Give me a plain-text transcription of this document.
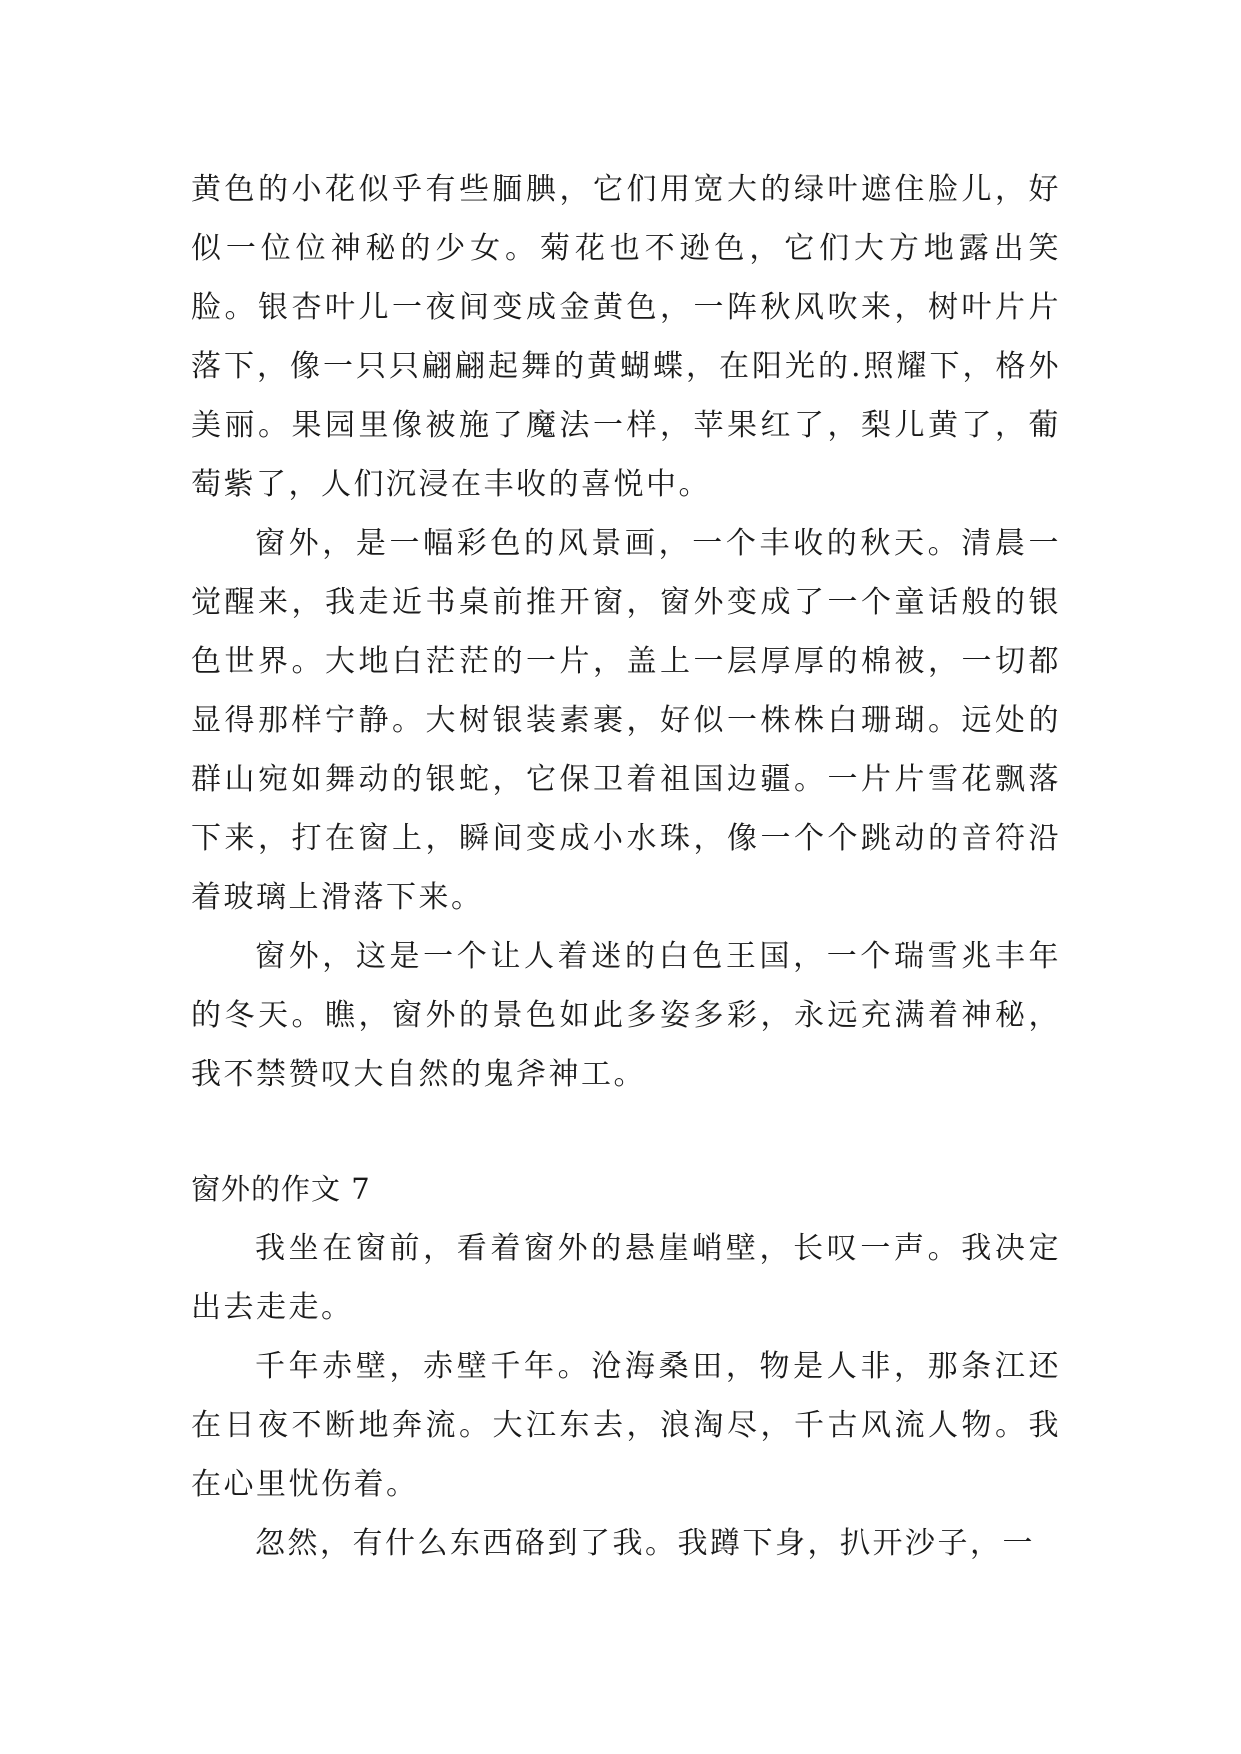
黄色的小花似乎有些腼腆，它们用宽大的绿叶遮住脸儿，好似一位位神秘的少女。菊花也不逊色，它们大方地露出笑脸。银杏叶儿一夜间变成金黄色，一阵秋风吹来，树叶片片落下，像一只只翩翩起舞的黄蝴蝶，在阳光的.照耀下，格外美丽。果园里像被施了魔法一样，苹果红了，梨儿黄了，葡萄紫了，人们沉浸在丰收的喜悦中。

窗外，是一幅彩色的风景画，一个丰收的秋天。清晨一觉醒来，我走近书桌前推开窗，窗外变成了一个童话般的银色世界。大地白茫茫的一片，盖上一层厚厚的棉被，一切都显得那样宁静。大树银装素裹，好似一株株白珊瑚。远处的群山宛如舞动的银蛇，它保卫着祖国边疆。一片片雪花飘落下来，打在窗上，瞬间变成小水珠，像一个个跳动的音符沿着玻璃上滑落下来。

窗外，这是一个让人着迷的白色王国，一个瑞雪兆丰年的冬天。瞧，窗外的景色如此多姿多彩，永远充满着神秘，我不禁赞叹大自然的鬼斧神工。

窗外的作文 7

我坐在窗前，看着窗外的悬崖峭壁，长叹一声。我决定出去走走。

千年赤壁，赤壁千年。沧海桑田，物是人非，那条江还在日夜不断地奔流。大江东去，浪淘尽，千古风流人物。我在心里忧伤着。

忽然，有什么东西硌到了我。我蹲下身，扒开沙子，一
